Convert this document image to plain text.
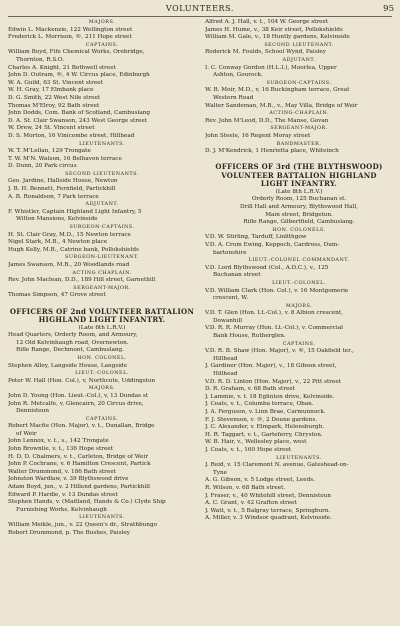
VOLUNTEERS.	95
MAJORS.
Edwin L. Mackenzie, 122 Wellington street
Frederick L. Morrison, ®, 211 Hope street
CAPTAINS.
William Boyd, Fife Chemical Works, Orebridge,
Thornton, R.S.O.
Charles A. Knight, 21 Bothwell street
John D. Outram, ®, 4 W. Circus place, Edinburgh
W. A. Guild, 63 St. Vincent street
W. H. Gray, 17 Elmbank place
D. G. Smith, 22 West Nile street
Thomas M'Elroy, 92 Bath street
John Dodds, Com. Bank of Scotland, Cambuslang
D. A. St. Clair Swanson, 243 West George street
W. Drew, 24 St. Vincent street
D. S. Morton, 16 Vinicombe street, Hillhead
LIEUTENANTS.
W. T. M'Lellan, 129 Trongate
T. W. M'N. Watson, 16 Belhaven terrace
D. Dunn, 20 Park circus
SECOND LIEUTENANTS.
Geo. Jardine, Hallside House, Newton
J. B. H. Bennett, Fernfield, Partickhill
A. B. Ronaldson, 7 Park terrace
ADJUTANT.
F. Whistler, Captain Highland Light Infantry, 5
Wilton Mansions, Kelvinside
SURGEON-CAPTAINS.
H. St. Clair Gray, M.D., 15 Newton terrace
Nigel Stark, M.B., 4 Newton place
Hugh Kelly, M.B., Catrine bank, Pollokshields
SURGEON-LIEUTENANT.
James Swanson, M.B., 20 Woodlands road
ACTING CHAPLAIN.
Rev. John Maclean, D.D., 189 Hill street, Garnethill
SERGEANT-MAJOR.
Thomas Simpson, 47 Grove street

OFFICERS OF 2nd VOLUNTEER BATTALION
HIGHLAND LIGHT INFANTRY.
(Late 6th L.R.V.)
Head Quarters, Orderly Room, and Armoury,
12 Old Kelvinhaugh road, Overnewton.
Rifle Range, Dechmont, Cambuslang.
HON. COLONEL.
Stephen Alley, Langside House, Langside
LIEUT.-COLONEL.
Peter W. Hall (Hon. Col.), v, Northcote, Uddingston
MAJORS.
John D. Young (Hon. Lieut.-Col.), v, 13 Dundas st
John R. Metcalfe, v, Glencairn, 20 Circus drive,
Dennistoun
CAPTAINS.
Robert Macfie (Hon. Major), v. t., Dunallan, Bridge
of Weir
John Lennox, v. t., s., 142 Trongate
John Brownlie, v. t., 136 Hope street
H. D. D. Chalmers, v. t., Carleton, Bridge of Weir
John P. Cochrane, v. 6 Hamilton Crescent, Partick
Walter Drummond, v. 186 Bath street
Johnston Wardlaw, v. 39 Blythswood drive
Adam Boyd, jun., v. 2 Hillend gardens, Partickhill
Edward P. Hardie, v. 13 Dundas street
Stephen Hands, v. (Maitland, Hands & Co.) Clyde Ship
Furnishing Works, Kelvinhaugh
LIEUTENANTS.
William Meikle, jun., v. 22 Queen's dr., Strathbungo
Robert Drummond, p. The Bushes, Paisley
Alfred A. J. Hall, v. t., 104 W. George street
James H. Hume, v., 38 Keir street, Pollokshields
William M. Gale, v., 18 Huntly gardens, Kelvinside
SECOND LIEUTENANT.
Roderick M. Foulds, School Wynd, Paisley
ADJUTANT.
I. C. Conway Gordon (H.L.I.), Moorlea, Upper
Ashton, Gourock.
SURGEON-CAPTAINS.
W. B. Moir, M.D., v, 16 Buckingham terrace, Great
Western Road
Walter Sandeman, M.B., v., May Villa, Bridge of Weir
ACTING-CHAPLAIN.
Rev. John M'Leod, D.D., The Manse, Govan
SERGEANT-MAJOR.
John Steele, 16 Regent Moray street
BANDMASTER.
D. J. M'Kendrick, 1 Henrietta place, Whiteinch

OFFICERS OF 3rd (THE BLYTHSWOOD)
VOLUNTEER BATTALION HIGHLAND
LIGHT INFANTRY.
(Late 8th L.R.V.)
Orderly Room, 125 Buchanan st.
Drill Hall and Armoury, Blythswood Hall,
Main street, Bridgeton.
Rifle Range, Gilbertfield, Cambuslang.
HON. COLONELS.
V.D. W. Stirling, Tarduff, Linlithgow
V.D. A. Crum Ewing, Keppoch, Cardross, Dum-
bartonshire
LIEUT.-COLONEL COMMANDANT.
V.D. Lord Blythswood (Col., A.D.C.), v., 125
Buchanan street
LIEUT.-COLONEL.
V.D. William Clark (Hon. Col.), v. 16 Montgomerie
crescent, W.
MAJORS.
V.D. T. Glen (Hon. Lt.-Col.), v. 8 Albion crescent,
Dowanhill
V.D. R. R. Murray (Hon. Lt.-Col.), v. Commercial
Bank House, Rutherglen.
CAPTAINS.
V.D. R. B. Shaw (Hon. Major), v. ®, 15 Oakfield ter.,
Hillhead
J. Gardiner (Hon. Major), v., 18 Gibson street,
Hillhead
V.D. R. D. Linton (Hon. Major), v., 22 Pitt street
D. R. Graham, v. 68 Bath street
J. Lammie, v. t. 18 Eglinton drive, Kelvinside.
J. Coats, v. t., Columba terrace, Oban.
J. A. Ferguson, v. Linn Brae, Carmunnock.
F. J. Stevenson, v. ®, 2 Doune gardens.
J. C. Alexander, v. Elmpark, Helensburgh.
H. R. Taggart, v. t., Garteferry, Chryston.
W. B. Hair, v., Wellesley place, west
J. Coats, v. t., 160 Hope street
LIEUTENANTS.
J. Reid, v. 15 Claremont N. avenue, Gateshead-on-
Tyne
A. G. Gibson, v. 5 Lodge street, Leeds.
R. Wilson, v. 68 Bath street.
J. Fraser, v., 40 Whitehill street, Dennistoun
A. C. Grant, v. 42 Grafton street
J. Watt, v. t., 5 Balgray terrace, Springburn.
A. Miller, v. 3 Windsor quadrant, Kelvinside.
